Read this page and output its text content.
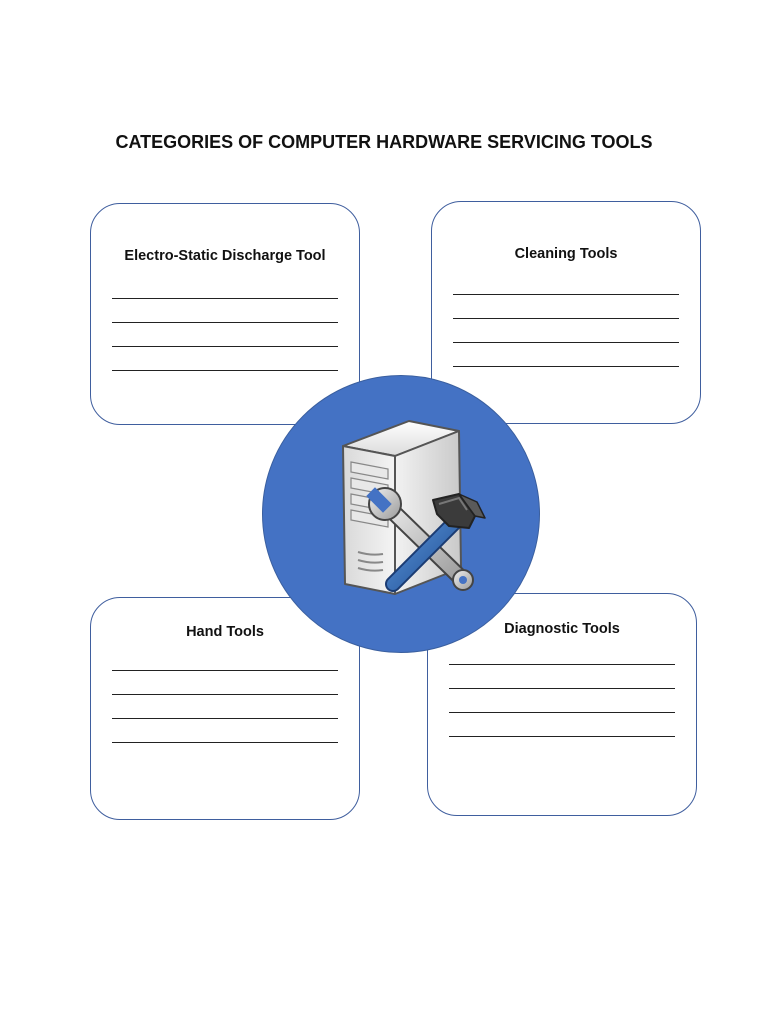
CATEGORIES OF COMPUTER HARDWARE SERVICING TOOLS
Electro-Static Discharge Tool	Cleaning Tools
Hand Tools	Diagnostic Tools
